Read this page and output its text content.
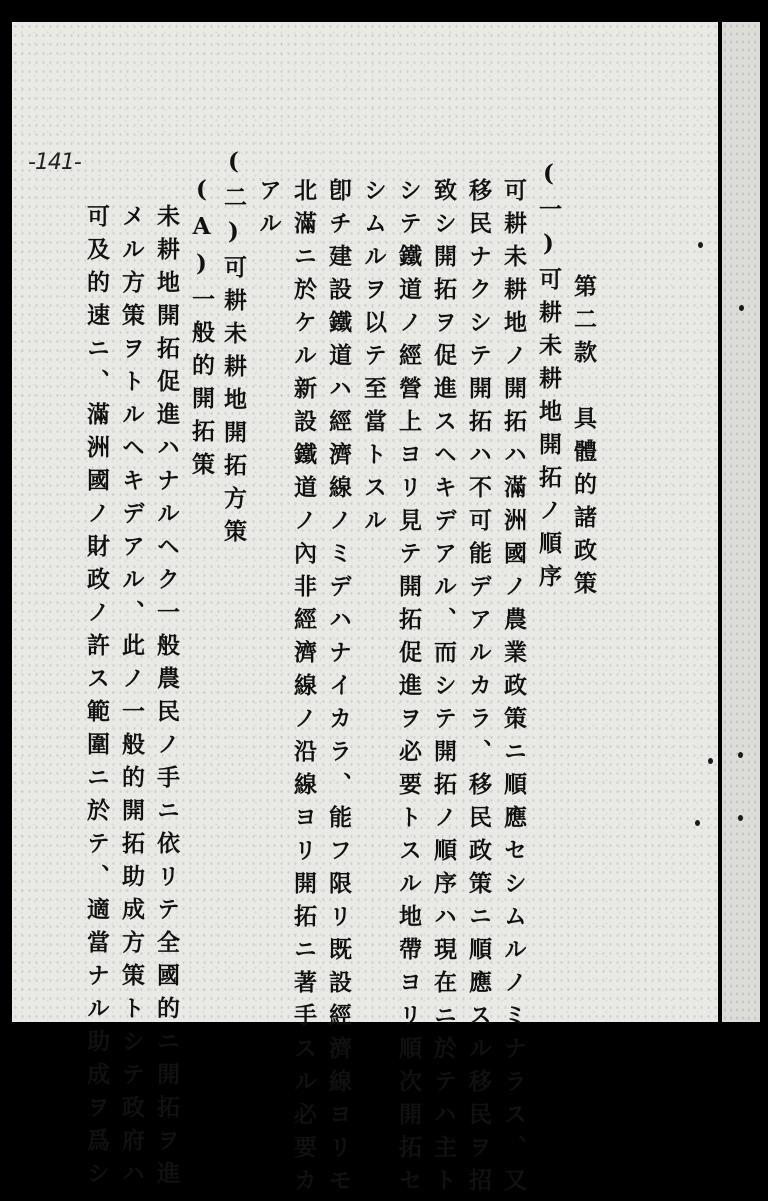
-141-
第二款　具體的諸政策
(一)可耕未耕地開拓ノ順序
可耕未耕地ノ開拓ハ滿洲國ノ農業政策ニ順應セシムルノミナラス、又
移民ナクシテ開拓ハ不可能デアルカラ、移民政策ニ順應スル移民ヲ招
致シ開拓ヲ促進スヘキデアル、而シテ開拓ノ順序ハ現在ニ於テハ主ト
シテ鐵道ノ經營上ヨリ見テ開拓促進ヲ必要トスル地帶ヨリ順次開拓セ
シムルヲ以テ至當トスル
卽チ建設鐵道ハ經濟線ノミデハナイカラ、能フ限リ既設經濟線ヨリモ
北滿ニ於ケル新設鐵道ノ內非經濟線ノ沿線ヨリ開拓ニ著手スル必要カ
アル
(二)可耕未耕地開拓方策
(A)一般的開拓策
未耕地開拓促進ハナルヘク一般農民ノ手ニ依リテ全國的ニ開拓ヲ進
メル方策ヲトルヘキデアル、此ノ一般的開拓助成方策トシテ政府ハ
可及的速ニ、滿洲國ノ財政ノ許ス範圍ニ於テ、適當ナル助成ヲ爲シ
